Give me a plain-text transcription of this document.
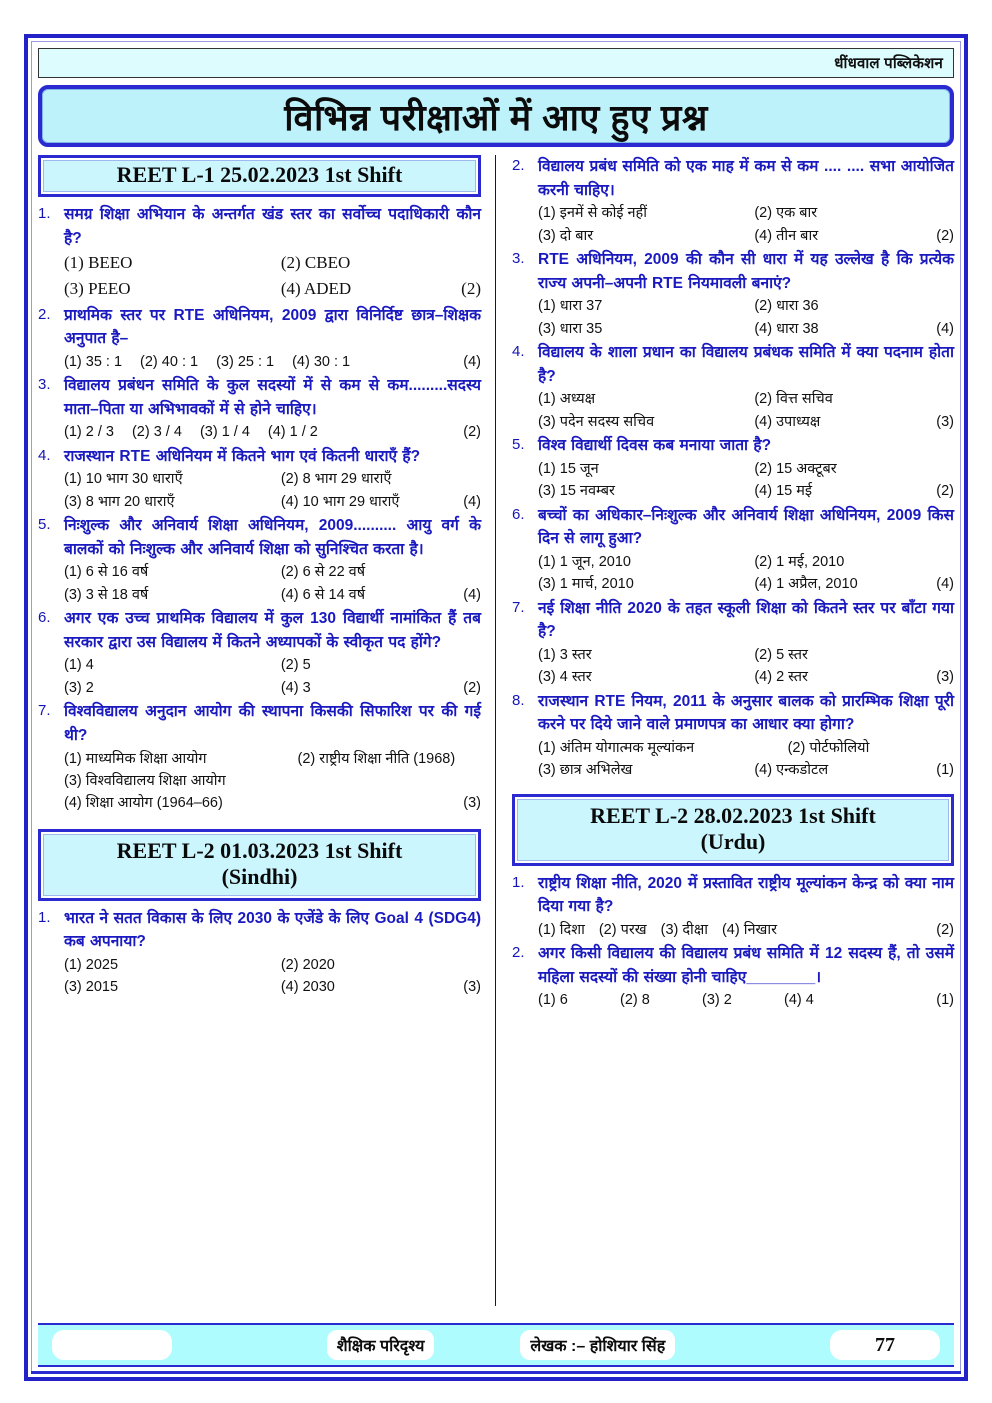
धींधवाल पब्लिकेशन
विभिन्न परीक्षाओं में आए हुए प्रश्न
REET L-1 25.02.2023 1st Shift
1. समग्र शिक्षा अभियान के अन्तर्गत खंड स्तर का सर्वोच्च पदाधिकारी कौन है?
(1) BEEO	(2) CBEO
(3) PEEO	(4) ADED	(2)
2. प्राथमिक स्तर पर RTE अधिनियम, 2009 द्वारा विनिर्दिष्ट छात्र–शिक्षक अनुपात है–
(1) 35 : 1 (2) 40 : 1 (3) 25 : 1 (4) 30 : 1	(4)
3. विद्यालय प्रबंधन समिति के कुल सदस्यों में से कम से कम.........सदस्य माता–पिता या अभिभावकों में से होने चाहिए।
(1) 2 / 3 (2) 3 / 4 (3) 1 / 4 (4) 1 / 2	(2)
4. राजस्थान RTE अधिनियम में कितने भाग एवं कितनी धाराएँ हैं?
(1) 10 भाग 30 धाराएँ	(2) 8 भाग 29 धाराएँ
(3) 8 भाग 20 धाराएँ	(4) 10 भाग 29 धाराएँ	(4)
5. निःशुल्क और अनिवार्य शिक्षा अधिनियम, 2009.......... आयु वर्ग के बालकों को निःशुल्क और अनिवार्य शिक्षा को सुनिश्चित करता है।
(1) 6 से 16 वर्ष	(2) 6 से 22 वर्ष
(3) 3 से 18 वर्ष	(4) 6 से 14 वर्ष	(4)
6. अगर एक उच्च प्राथमिक विद्यालय में कुल 130 विद्यार्थी नामांकित हैं तब सरकार द्वारा उस विद्यालय में कितने अध्यापकों के स्वीकृत पद होंगे?
(1) 4	(2) 5
(3) 2	(4) 3	(2)
7. विश्वविद्यालय अनुदान आयोग की स्थापना किसकी सिफारिश पर की गई थी?
(1) माध्यमिक शिक्षा आयोग	(2) राष्ट्रीय शिक्षा नीति (1968)
(3) विश्वविद्यालय शिक्षा आयोग
(4) शिक्षा आयोग (1964–66)	(3)
REET L-2 01.03.2023 1st Shift
(Sindhi)
1. भारत ने सतत विकास के लिए 2030 के एजेंडे के लिए Goal 4 (SDG4) कब अपनाया?
(1) 2025	(2) 2020
(3) 2015	(4) 2030	(3)
2. विद्यालय प्रबंध समिति को एक माह में कम से कम .... .... सभा आयोजित करनी चाहिए।
(1) इनमें से कोई नहीं	(2) एक बार
(3) दो बार	(4) तीन बार	(2)
3. RTE अधिनियम, 2009 की कौन सी धारा में यह उल्लेख है कि प्रत्येक राज्य अपनी–अपनी RTE नियमावली बनाएं?
(1) धारा 37	(2) धारा 36
(3) धारा 35	(4) धारा 38	(4)
4. विद्यालय के शाला प्रधान का विद्यालय प्रबंधक समिति में क्या पदनाम होता है?
(1) अध्यक्ष	(2) वित्त सचिव
(3) पदेन सदस्य सचिव	(4) उपाध्यक्ष	(3)
5. विश्व विद्यार्थी दिवस कब मनाया जाता है?
(1) 15 जून	(2) 15 अक्टूबर
(3) 15 नवम्बर	(4) 15 मई	(2)
6. बच्चों का अधिकार–निःशुल्क और अनिवार्य शिक्षा अधिनियम, 2009 किस दिन से लागू हुआ?
(1) 1 जून, 2010	(2) 1 मई, 2010
(3) 1 मार्च, 2010	(4) 1 अप्रैल, 2010	(4)
7. नई शिक्षा नीति 2020 के तहत स्कूली शिक्षा को कितने स्तर पर बाँटा गया है?
(1) 3 स्तर	(2) 5 स्तर
(3) 4 स्तर	(4) 2 स्तर	(3)
8. राजस्थान RTE नियम, 2011 के अनुसार बालक को प्रारम्भिक शिक्षा पूरी करने पर दिये जाने वाले प्रमाणपत्र का आधार क्या होगा?
(1) अंतिम योगात्मक मूल्यांकन	(2) पोर्टफोलियो
(3) छात्र अभिलेख	(4) एन्कडोटल	(1)
REET L-2 28.02.2023 1st Shift
(Urdu)
1. राष्ट्रीय शिक्षा नीति, 2020 में प्रस्तावित राष्ट्रीय मूल्यांकन केन्द्र को क्या नाम दिया गया है?
(1) दिशा (2) परख (3) दीक्षा (4) निखार	(2)
2. अगर किसी विद्यालय की विद्यालय प्रबंध समिति में 12 सदस्य हैं, तो उसमें महिला सदस्यों की संख्या होनी चाहिए________।
(1) 6	(2) 8	(3) 2	(4) 4	(1)
शैक्षिक परिदृश्य	लेखक :– होशियार सिंह	77
